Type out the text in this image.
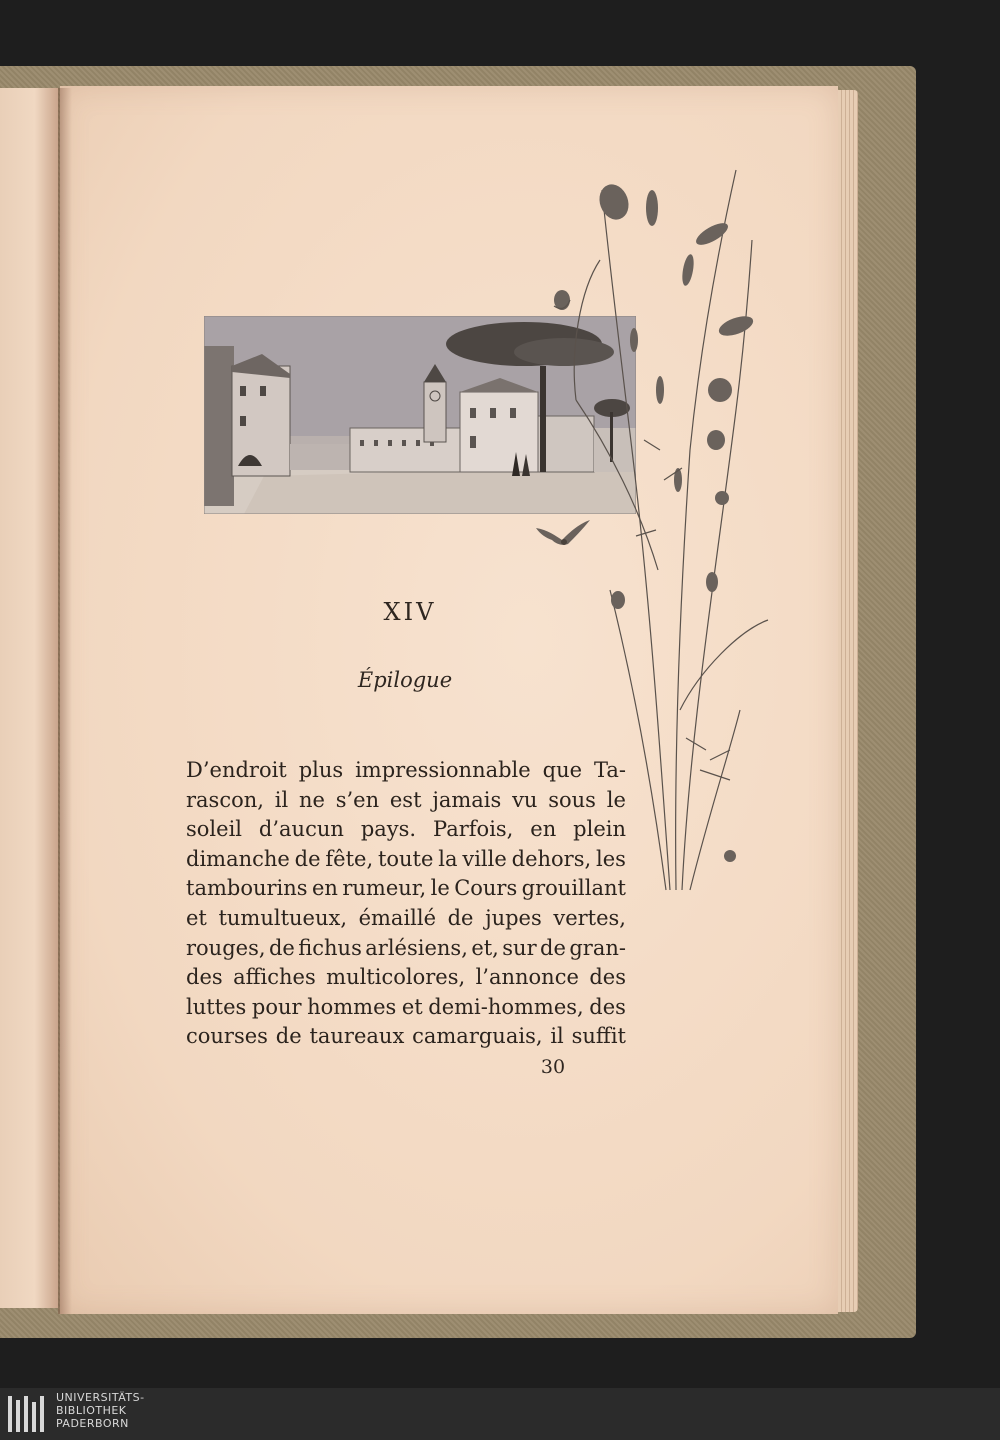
XIV
Épilogue
D’endroit plus impressionnable que Ta-
rascon, il ne s’en est jamais vu sous le
soleil d’aucun pays. Parfois, en plein
dimanche de fête, toute la ville dehors, les
tambourins en rumeur, le Cours grouillant
et tumultueux, émaillé de jupes vertes,
rouges, de fichus arlésiens, et, sur de gran-
des affiches multicolores, l’annonce des
luttes pour hommes et demi-hommes, des
courses de taureaux camarguais, il suffit
30
UNIVERSITÄTS-
BIBLIOTHEK
PADERBORN
